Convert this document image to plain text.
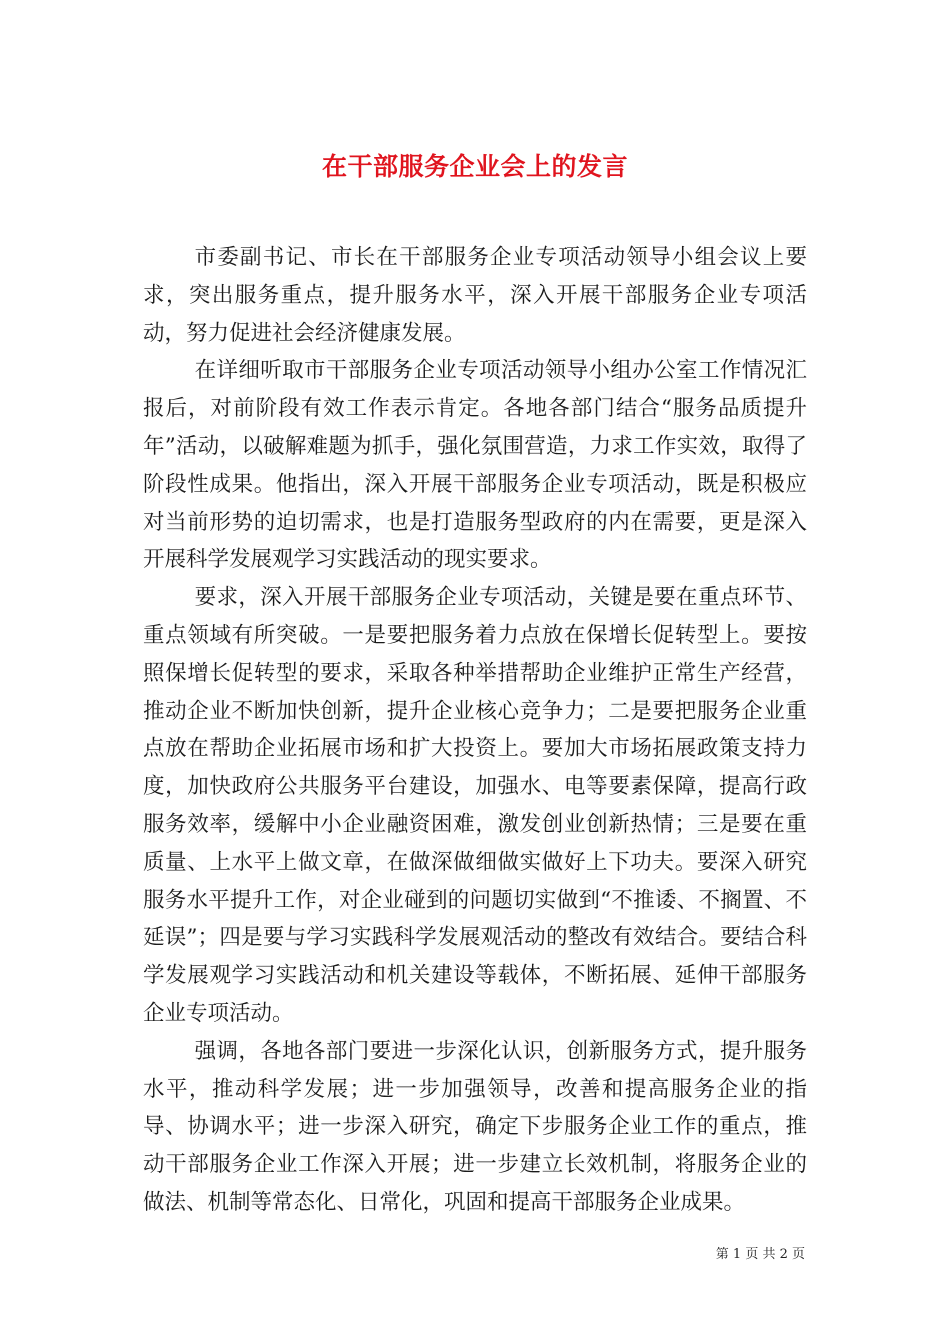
在干部服务企业会上的发言

市委副书记、市长在干部服务企业专项活动领导小组会议上要求，突出服务重点，提升服务水平，深入开展干部服务企业专项活动，努力促进社会经济健康发展。

在详细听取市干部服务企业专项活动领导小组办公室工作情况汇报后，对前阶段有效工作表示肯定。各地各部门结合“服务品质提升年”活动，以破解难题为抓手，强化氛围营造，力求工作实效，取得了阶段性成果。他指出，深入开展干部服务企业专项活动，既是积极应对当前形势的迫切需求，也是打造服务型政府的内在需要，更是深入开展科学发展观学习实践活动的现实要求。

要求，深入开展干部服务企业专项活动，关键是要在重点环节、重点领域有所突破。一是要把服务着力点放在保增长促转型上。要按照保增长促转型的要求，采取各种举措帮助企业维护正常生产经营，推动企业不断加快创新，提升企业核心竞争力；二是要把服务企业重点放在帮助企业拓展市场和扩大投资上。要加大市场拓展政策支持力度，加快政府公共服务平台建设，加强水、电等要素保障，提高行政服务效率，缓解中小企业融资困难，激发创业创新热情；三是要在重质量、上水平上做文章，在做深做细做实做好上下功夫。要深入研究服务水平提升工作，对企业碰到的问题切实做到“不推诿、不搁置、不延误”；四是要与学习实践科学发展观活动的整改有效结合。要结合科学发展观学习实践活动和机关建设等载体，不断拓展、延伸干部服务企业专项活动。

强调，各地各部门要进一步深化认识，创新服务方式，提升服务水平，推动科学发展；进一步加强领导，改善和提高服务企业的指导、协调水平；进一步深入研究，确定下步服务企业工作的重点，推动干部服务企业工作深入开展；进一步建立长效机制，将服务企业的做法、机制等常态化、日常化，巩固和提高干部服务企业成果。

第 1 页 共 2 页
